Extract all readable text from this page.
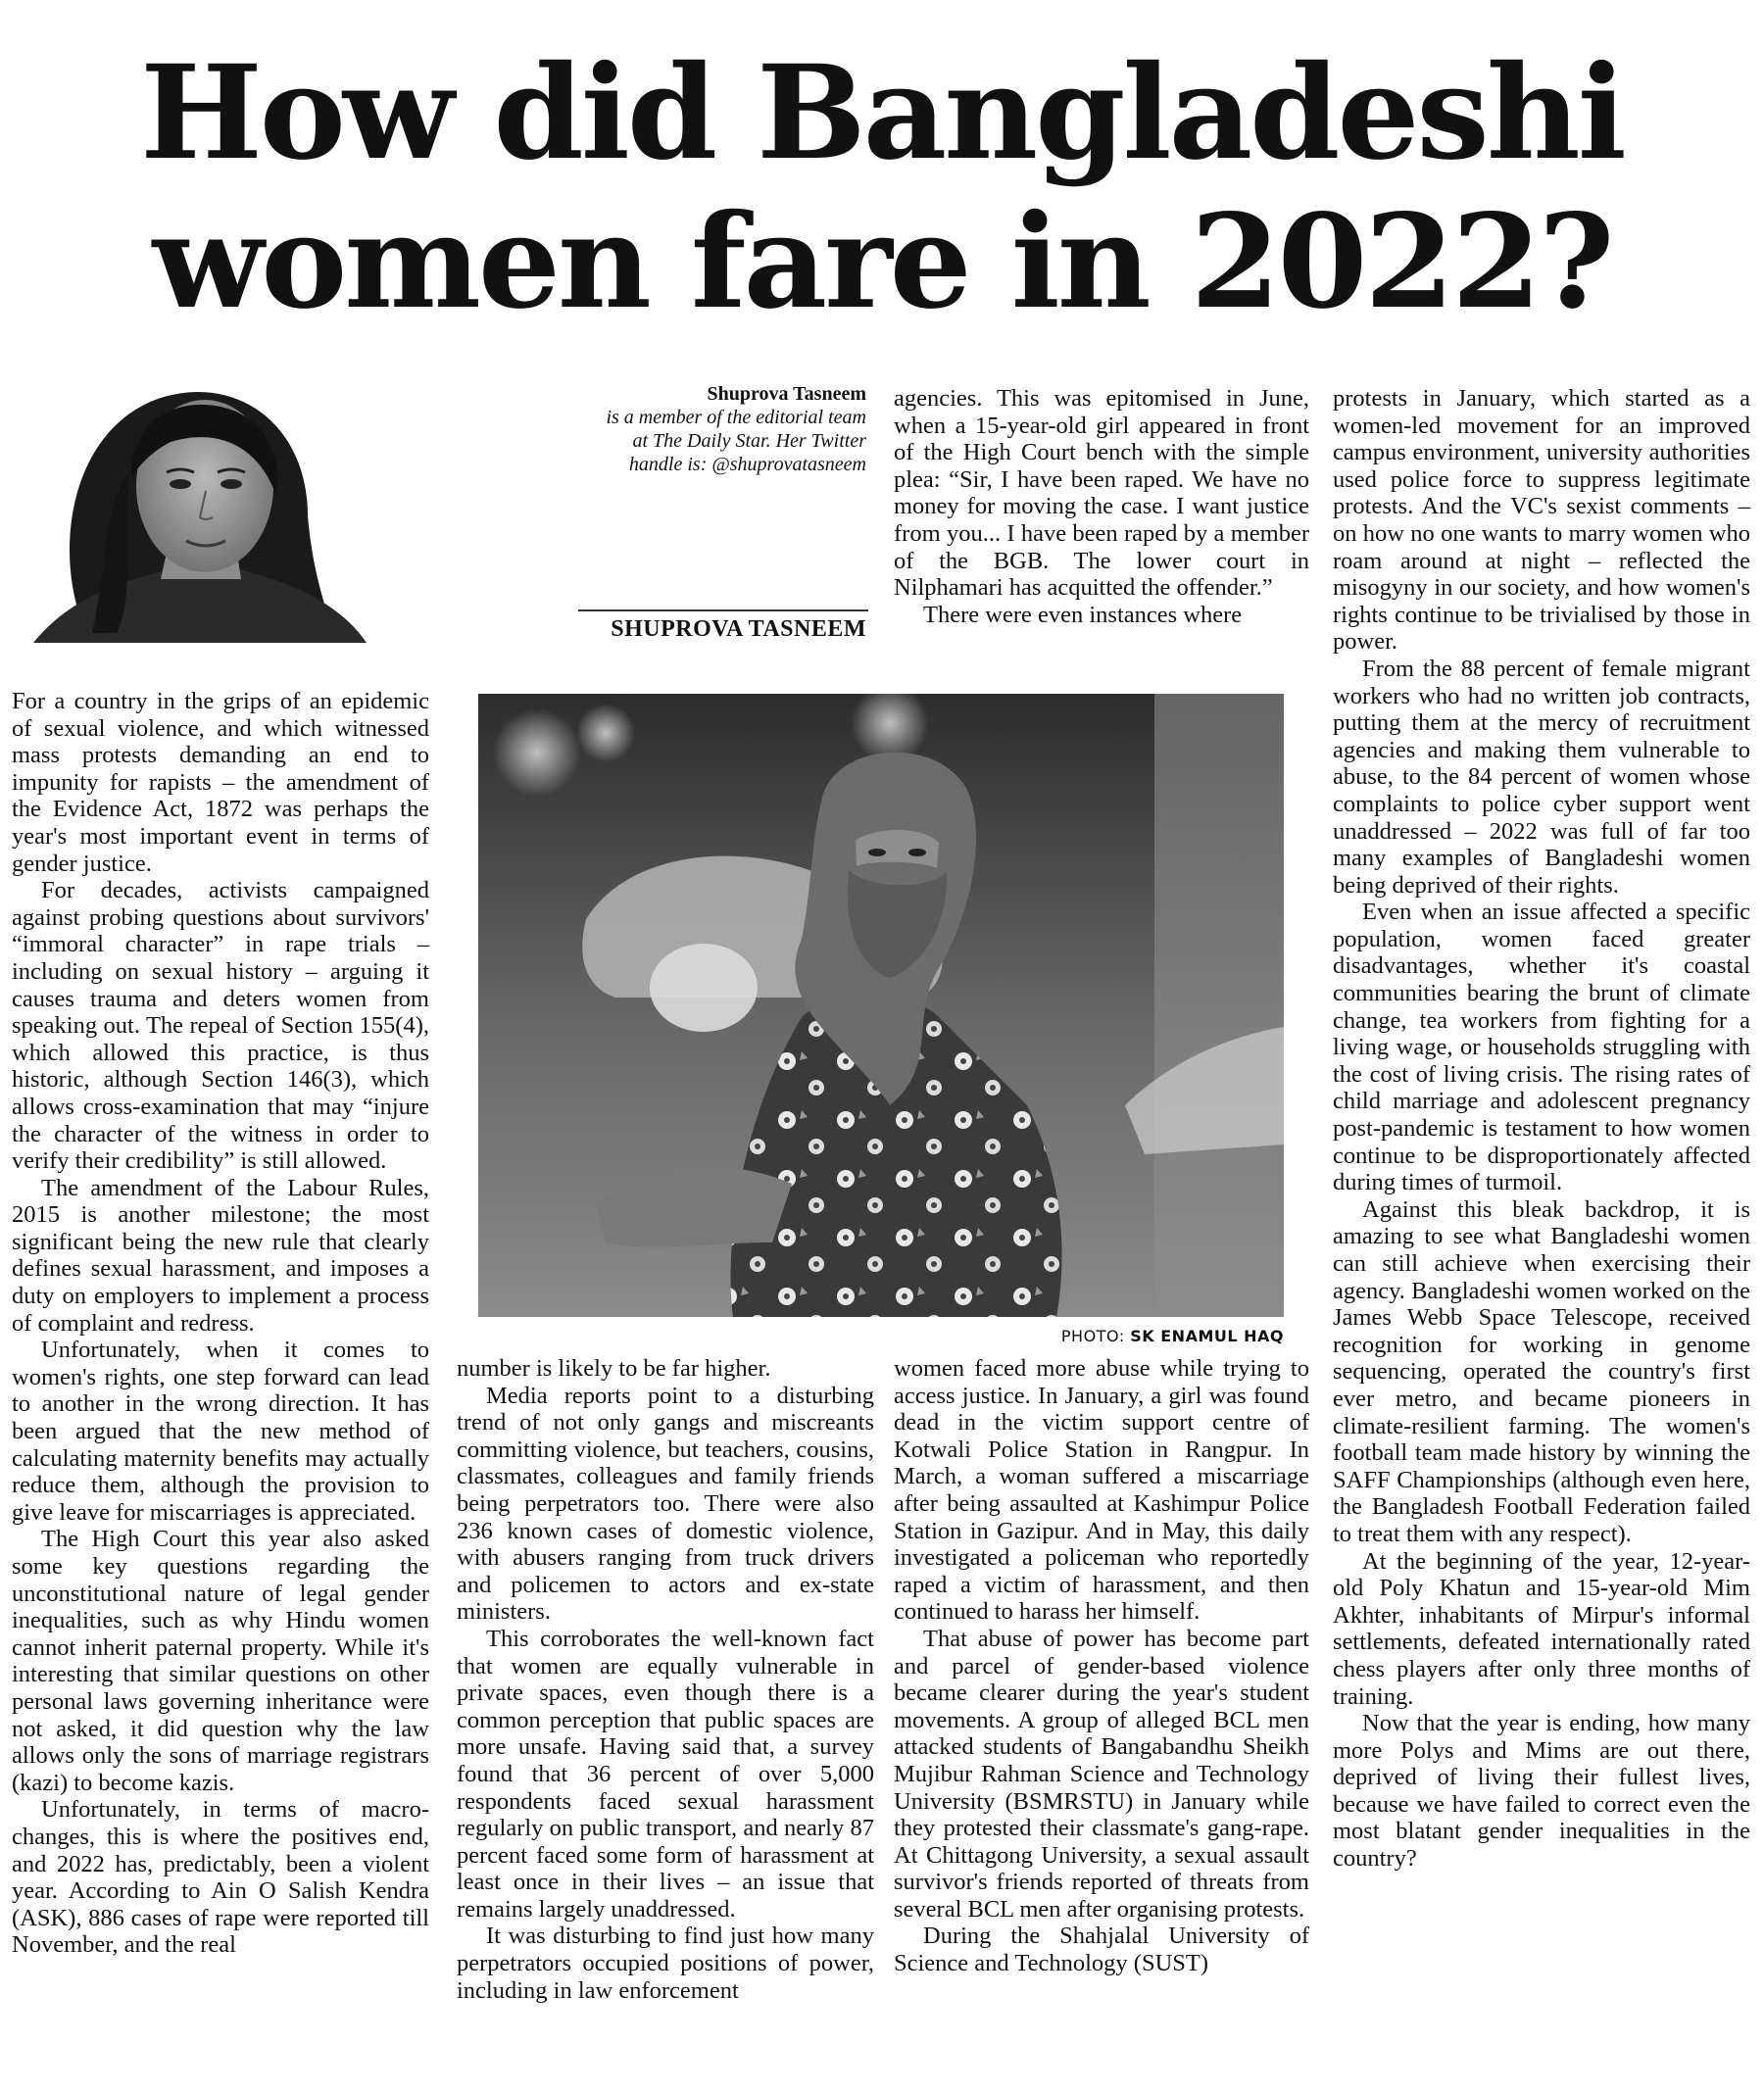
How did Bangladeshi
women fare in 2022?
Shuprova Tasneem
is a member of the editorial team
at The Daily Star. Her Twitter
handle is: @shuprovatasneem
SHUPROVA TASNEEM

For a country in the grips of an epidemic of sexual violence, and which witnessed mass protests demanding an end to impunity for rapists – the amendment of the Evidence Act, 1872 was perhaps the year's most important event in terms of gender justice.

For decades, activists campaigned against probing questions about survivors' “immoral character” in rape trials – including on sexual history – arguing it causes trauma and deters women from speaking out. The repeal of Section 155(4), which allowed this practice, is thus historic, although Section 146(3), which allows cross-examination that may “injure the character of the witness in order to verify their credibility” is still allowed.

The amendment of the Labour Rules, 2015 is another milestone; the most significant being the new rule that clearly defines sexual harassment, and imposes a duty on employers to implement a process of complaint and redress.

Unfortunately, when it comes to women's rights, one step forward can lead to another in the wrong direction. It has been argued that the new method of calculating maternity benefits may actually reduce them, although the provision to give leave for miscarriages is appreciated.

The High Court this year also asked some key questions regarding the unconstitutional nature of legal gender inequalities, such as why Hindu women cannot inherit paternal property. While it's interesting that similar questions on other personal laws governing inheritance were not asked, it did question why the law allows only the sons of marriage registrars (kazi) to become kazis.

Unfortunately, in terms of macro-changes, this is where the positives end, and 2022 has, predictably, been a violent year. According to Ain O Salish Kendra (ASK), 886 cases of rape were reported till November, and the real

PHOTO: SK ENAMUL HAQ

number is likely to be far higher.

Media reports point to a disturbing trend of not only gangs and miscreants committing violence, but teachers, cousins, classmates, colleagues and family friends being perpetrators too. There were also 236 known cases of domestic violence, with abusers ranging from truck drivers and policemen to actors and ex-state ministers.

This corroborates the well-known fact that women are equally vulnerable in private spaces, even though there is a common perception that public spaces are more unsafe. Having said that, a survey found that 36 percent of over 5,000 respondents faced sexual harassment regularly on public transport, and nearly 87 percent faced some form of harassment at least once in their lives – an issue that remains largely unaddressed.

It was disturbing to find just how many perpetrators occupied positions of power, including in law enforcement

agencies. This was epitomised in June, when a 15-year-old girl appeared in front of the High Court bench with the simple plea: “Sir, I have been raped. We have no money for moving the case. I want justice from you... I have been raped by a member of the BGB. The lower court in Nilphamari has acquitted the offender.”

There were even instances where

women faced more abuse while trying to access justice. In January, a girl was found dead in the victim support centre of Kotwali Police Station in Rangpur. In March, a woman suffered a miscarriage after being assaulted at Kashimpur Police Station in Gazipur. And in May, this daily investigated a policeman who reportedly raped a victim of harassment, and then continued to harass her himself.

That abuse of power has become part and parcel of gender-based violence became clearer during the year's student movements. A group of alleged BCL men attacked students of Bangabandhu Sheikh Mujibur Rahman Science and Technology University (BSMRSTU) in January while they protested their classmate's gang-rape. At Chittagong University, a sexual assault survivor's friends reported of threats from several BCL men after organising protests.

During the Shahjalal University of Science and Technology (SUST)

protests in January, which started as a women-led movement for an improved campus environment, university authorities used police force to suppress legitimate protests. And the VC's sexist comments – on how no one wants to marry women who roam around at night – reflected the misogyny in our society, and how women's rights continue to be trivialised by those in power.

From the 88 percent of female migrant workers who had no written job contracts, putting them at the mercy of recruitment agencies and making them vulnerable to abuse, to the 84 percent of women whose complaints to police cyber support went unaddressed – 2022 was full of far too many examples of Bangladeshi women being deprived of their rights.

Even when an issue affected a specific population, women faced greater disadvantages, whether it's coastal communities bearing the brunt of climate change, tea workers from fighting for a living wage, or households struggling with the cost of living crisis. The rising rates of child marriage and adolescent pregnancy post-pandemic is testament to how women continue to be disproportionately affected during times of turmoil.

Against this bleak backdrop, it is amazing to see what Bangladeshi women can still achieve when exercising their agency. Bangladeshi women worked on the James Webb Space Telescope, received recognition for working in genome sequencing, operated the country's first ever metro, and became pioneers in climate-resilient farming. The women's football team made history by winning the SAFF Championships (although even here, the Bangladesh Football Federation failed to treat them with any respect).

At the beginning of the year, 12-year-old Poly Khatun and 15-year-old Mim Akhter, inhabitants of Mirpur's informal settlements, defeated internationally rated chess players after only three months of training.

Now that the year is ending, how many more Polys and Mims are out there, deprived of living their fullest lives, because we have failed to correct even the most blatant gender inequalities in the country?
